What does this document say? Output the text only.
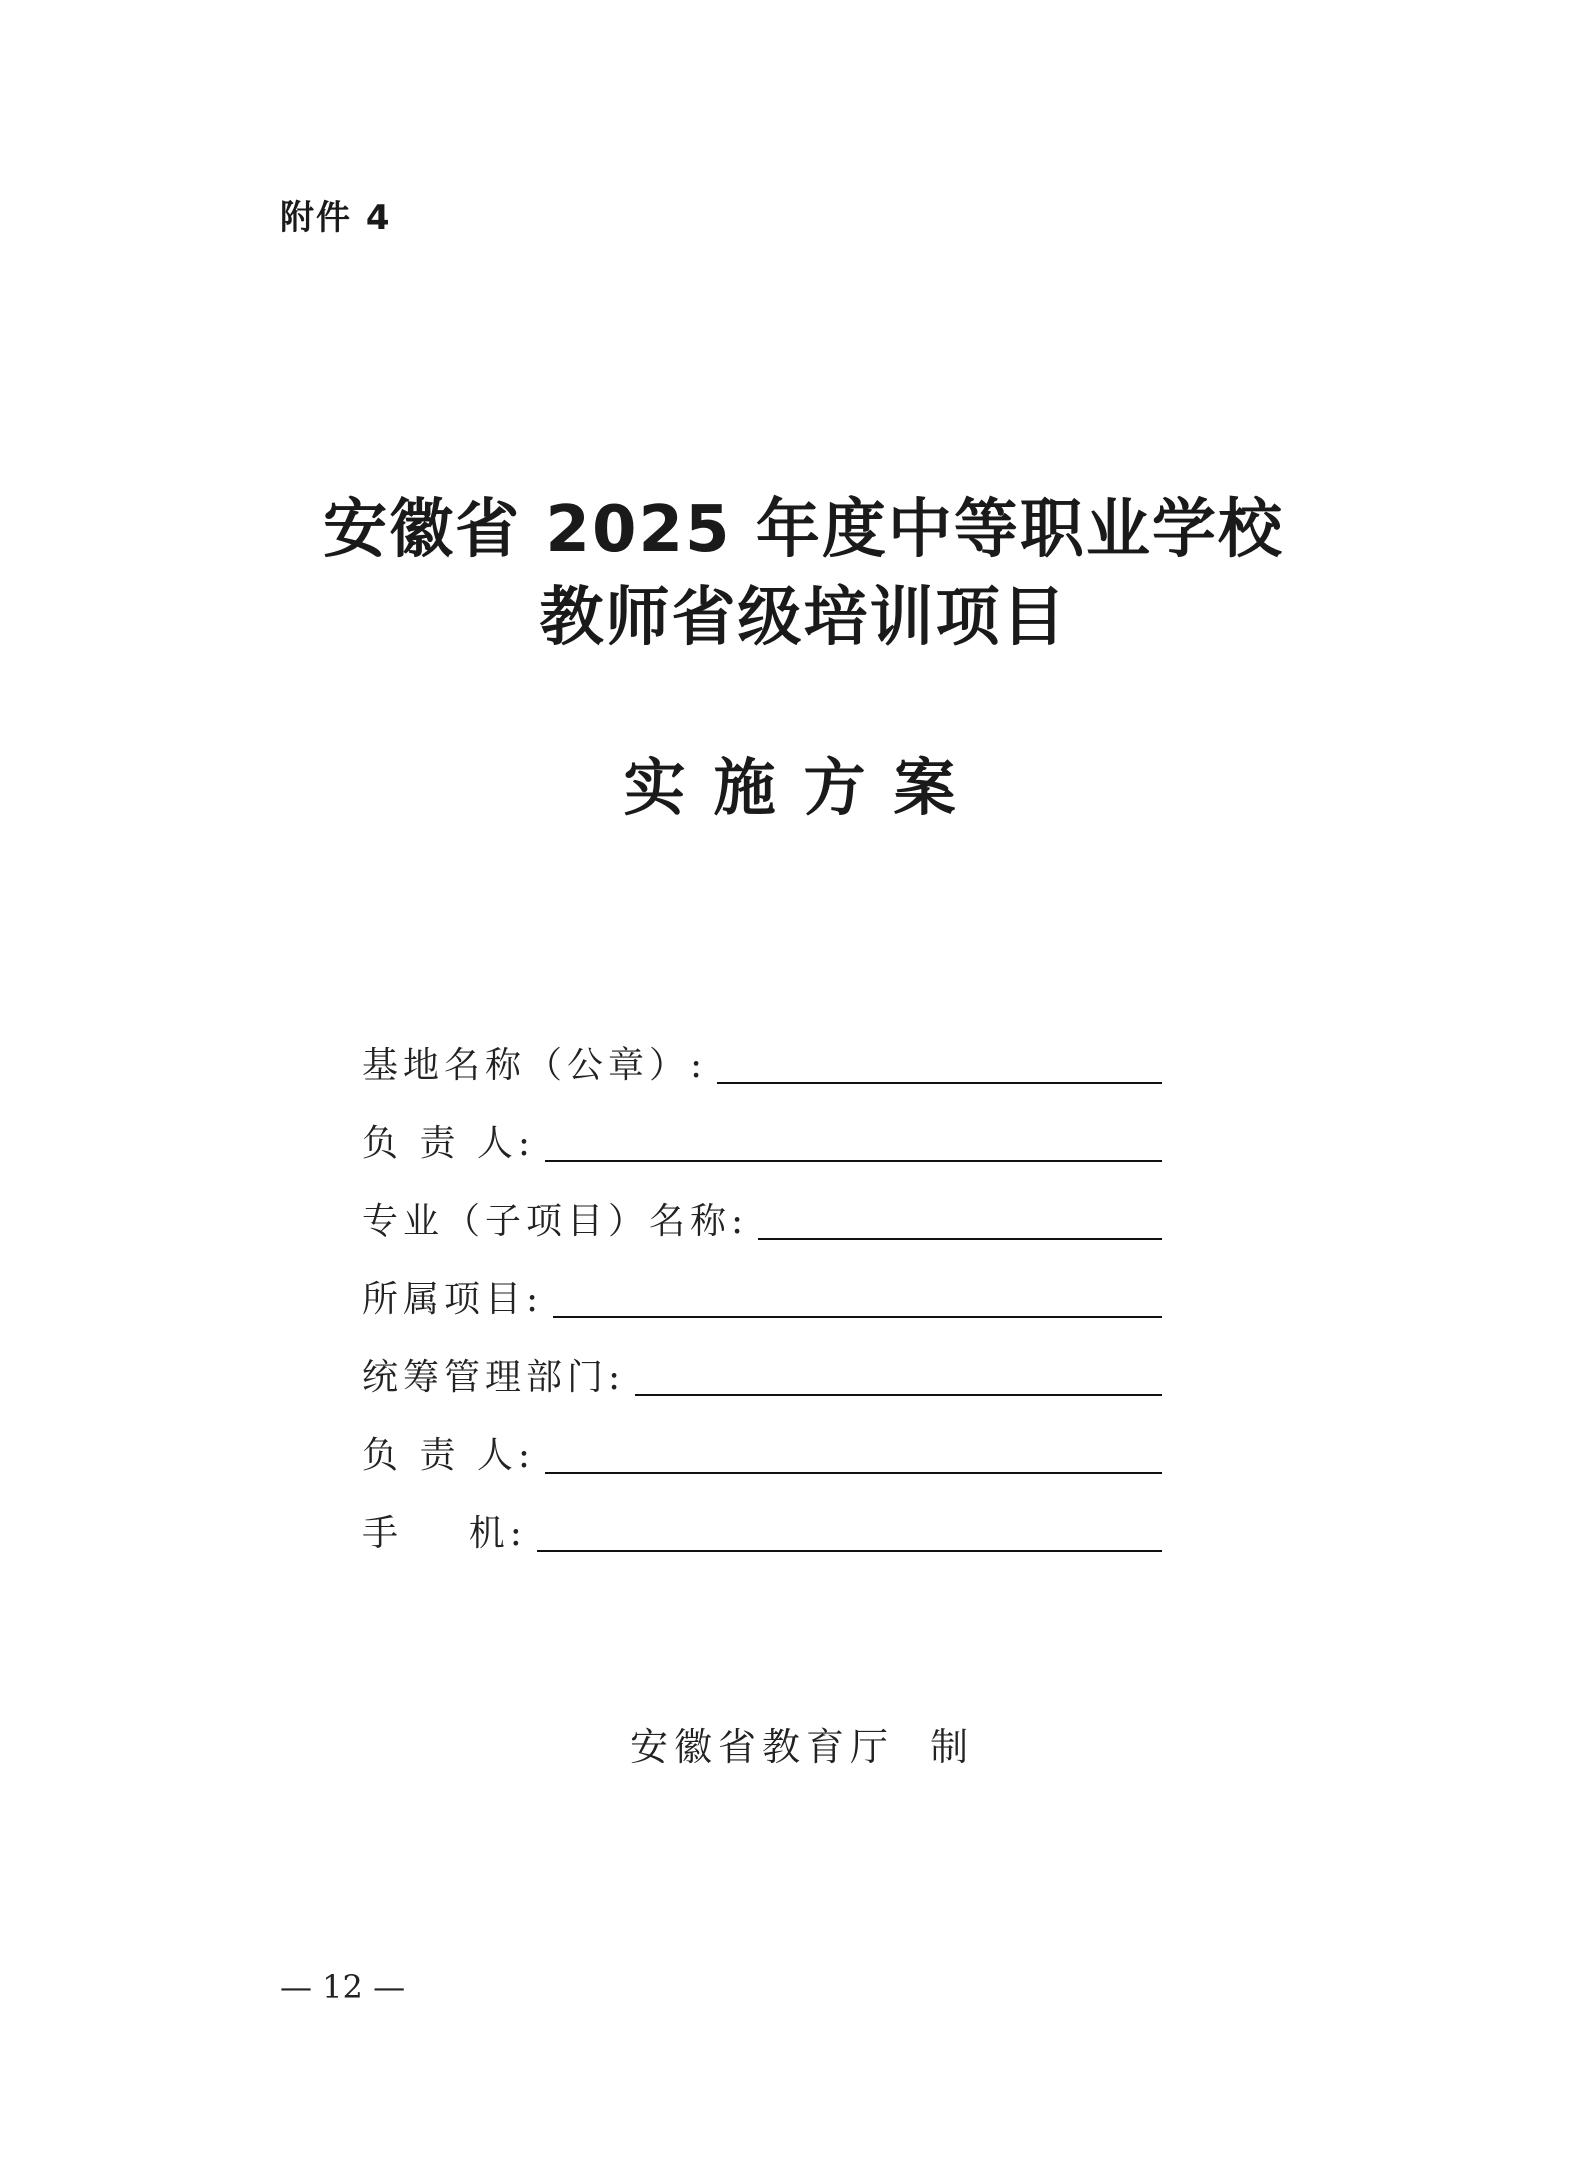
附件 4
安徽省 2025 年度中等职业学校
教师省级培训项目
实施方案
基地名称（公章）:
负 责 人:
专业（子项目）名称:
所属项目:
统筹管理部门:
负 责 人:
手    机:
安徽省教育厅  制
— 12 —
